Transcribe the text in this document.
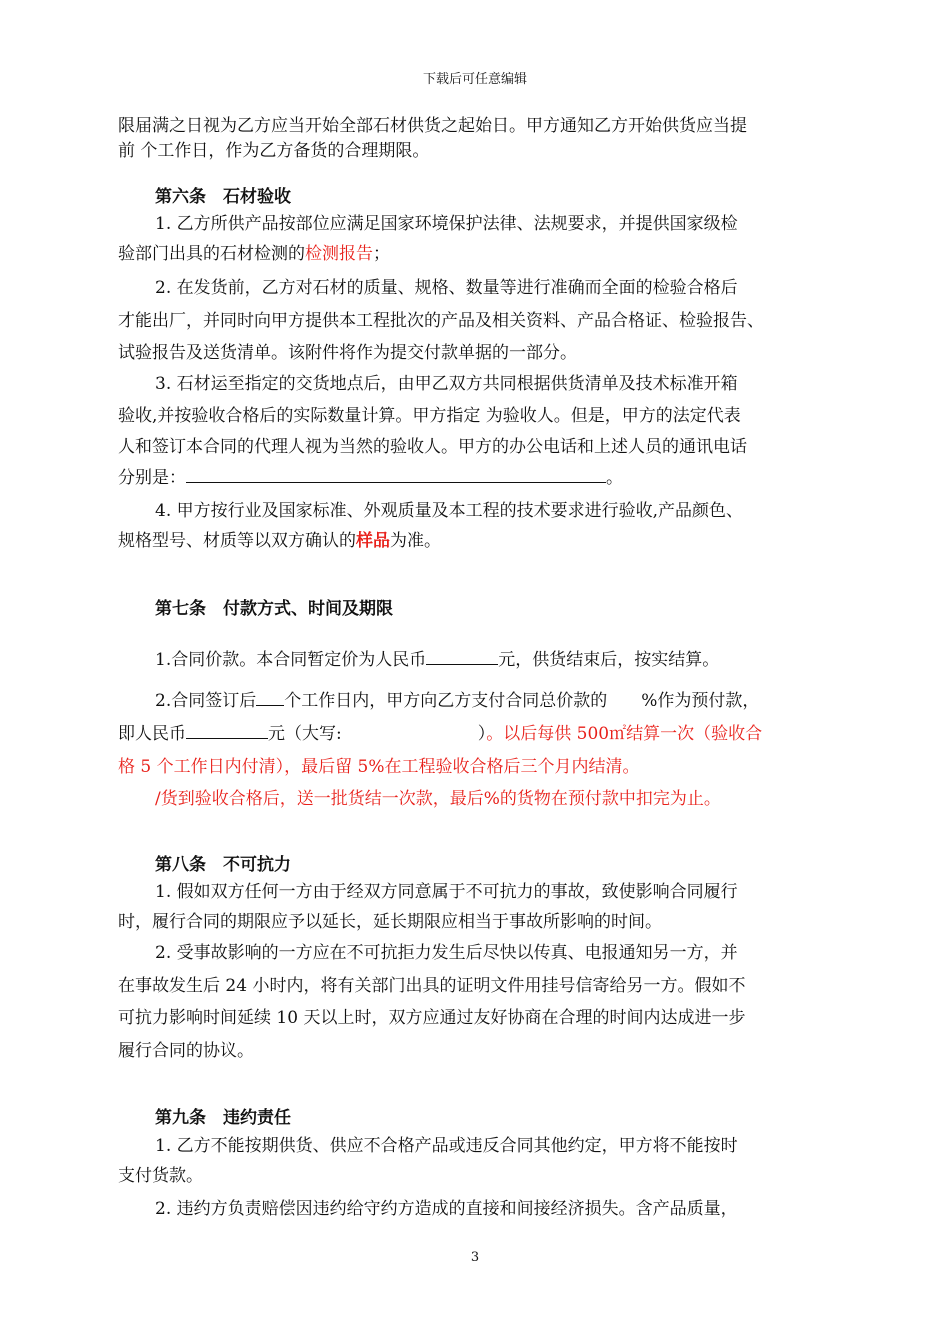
下载后可任意编辑
限届满之日视为乙方应当开始全部石材供货之起始日。甲方通知乙方开始供货应当提
前 个工作日，作为乙方备货的合理期限。
第六条　石材验收
1. 乙方所供产品按部位应满足国家环境保护法律、法规要求，并提供国家级检
验部门出具的石材检测的检测报告；
2. 在发货前，乙方对石材的质量、规格、数量等进行准确而全面的检验合格后
才能出厂，并同时向甲方提供本工程批次的产品及相关资料、产品合格证、检验报告、
试验报告及送货清单。该附件将作为提交付款单据的一部分。
3. 石材运至指定的交货地点后，由甲乙双方共同根据供货清单及技术标准开箱
验收,并按验收合格后的实际数量计算。甲方指定 为验收人。但是，甲方的法定代表
人和签订本合同的代理人视为当然的验收人。甲方的办公电话和上述人员的通讯电话
分别是：	。
4. 甲方按行业及国家标准、外观质量及本工程的技术要求进行验收,产品颜色、
规格型号、材质等以双方确认的样品为准。
第七条　付款方式、时间及期限
1.合同价款。本合同暂定价为人民币	元，供货结束后，按实结算。
2.合同签订后 个工作日内，甲方向乙方支付合同总价款的　　%作为预付款，
即人民币	元（大写:　　　　　　　　）。以后每供 500㎡结算一次（验收合
格 5 个工作日内付清），最后留 5%在工程验收合格后三个月内结清。
/货到验收合格后，送一批货结一次款，最后%的货物在预付款中扣完为止。
第八条　不可抗力
1. 假如双方任何一方由于经双方同意属于不可抗力的事故，致使影响合同履行
时，履行合同的期限应予以延长，延长期限应相当于事故所影响的时间。
2. 受事故影响的一方应在不可抗拒力发生后尽快以传真、电报通知另一方，并
在事故发生后 24 小时内，将有关部门出具的证明文件用挂号信寄给另一方。假如不
可抗力影响时间延续 10 天以上时，双方应通过友好协商在合理的时间内达成进一步
履行合同的协议。
第九条　违约责任
1. 乙方不能按期供货、供应不合格产品或违反合同其他约定，甲方将不能按时
支付货款。
2. 违约方负责赔偿因违约给守约方造成的直接和间接经济损失。含产品质量，
3
